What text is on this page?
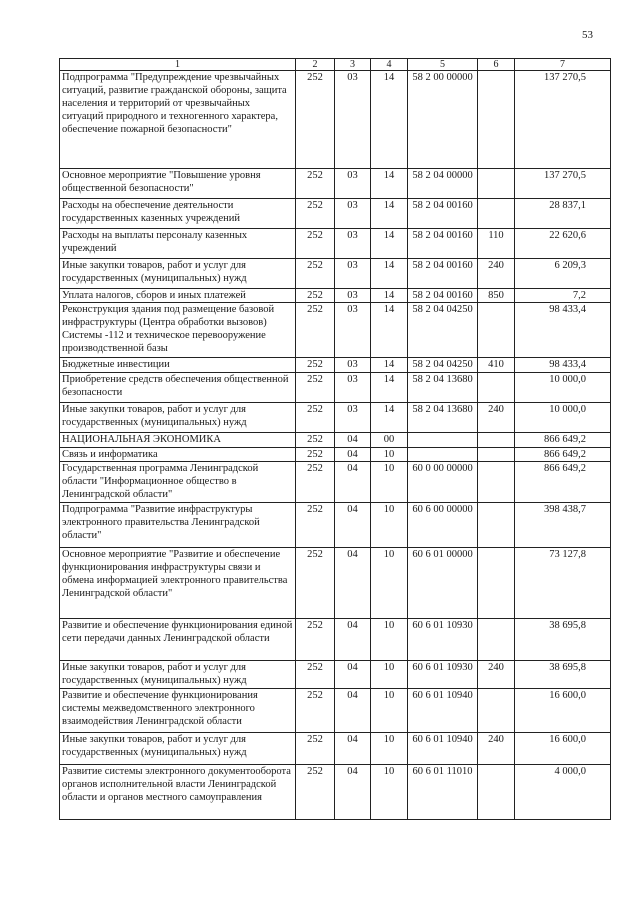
53
1	2	3	4	5	6	7
Подпрограмма "Предупреждение чрезвычайных ситуаций, развитие гражданской обороны, защита населения и территорий от чрезвычайных ситуаций природного и техногенного характера, обеспечение пожарной безопасности"	252	03	14	58 2 00 00000		137 270,5
Основное мероприятие "Повышение уровня общественной безопасности"	252	03	14	58 2 04 00000		137 270,5
Расходы на обеспечение деятельности государственных казенных учреждений	252	03	14	58 2 04 00160		28 837,1
Расходы на выплаты персоналу казенных учреждений	252	03	14	58 2 04 00160	110	22 620,6
Иные закупки товаров, работ и услуг для государственных (муниципальных) нужд	252	03	14	58 2 04 00160	240	6 209,3
Уплата налогов, сборов и иных платежей	252	03	14	58 2 04 00160	850	7,2
Реконструкция здания под размещение базовой инфраструктуры (Центра обработки вызовов) Системы -112 и техническое перевооружение производственной базы	252	03	14	58 2 04 04250		98 433,4
Бюджетные инвестиции	252	03	14	58 2 04 04250	410	98 433,4
Приобретение средств обеспечения общественной безопасности	252	03	14	58 2 04 13680		10 000,0
Иные закупки товаров, работ и услуг для государственных (муниципальных) нужд	252	03	14	58 2 04 13680	240	10 000,0
НАЦИОНАЛЬНАЯ ЭКОНОМИКА	252	04	00			866 649,2
Связь и информатика	252	04	10			866 649,2
Государственная программа Ленинградской области "Информационное общество в Ленинградской области"	252	04	10	60 0 00 00000		866 649,2
Подпрограмма "Развитие инфраструктуры электронного правительства Ленинградской области"	252	04	10	60 6 00 00000		398 438,7
Основное мероприятие "Развитие и обеспечение функционирования инфраструктуры связи и обмена информацией электронного правительства Ленинградской области"	252	04	10	60 6 01 00000		73 127,8
Развитие и обеспечение функционирования единой сети передачи данных Ленинградской области	252	04	10	60 6 01 10930		38 695,8
Иные закупки товаров, работ и услуг для государственных (муниципальных) нужд	252	04	10	60 6 01 10930	240	38 695,8
Развитие и обеспечение функционирования системы межведомственного электронного взаимодействия Ленинградской области	252	04	10	60 6 01 10940		16 600,0
Иные закупки товаров, работ и услуг для государственных (муниципальных) нужд	252	04	10	60 6 01 10940	240	16 600,0
Развитие системы электронного документооборота органов исполнительной власти Ленинградской области и органов местного самоуправления	252	04	10	60 6 01 11010		4 000,0
